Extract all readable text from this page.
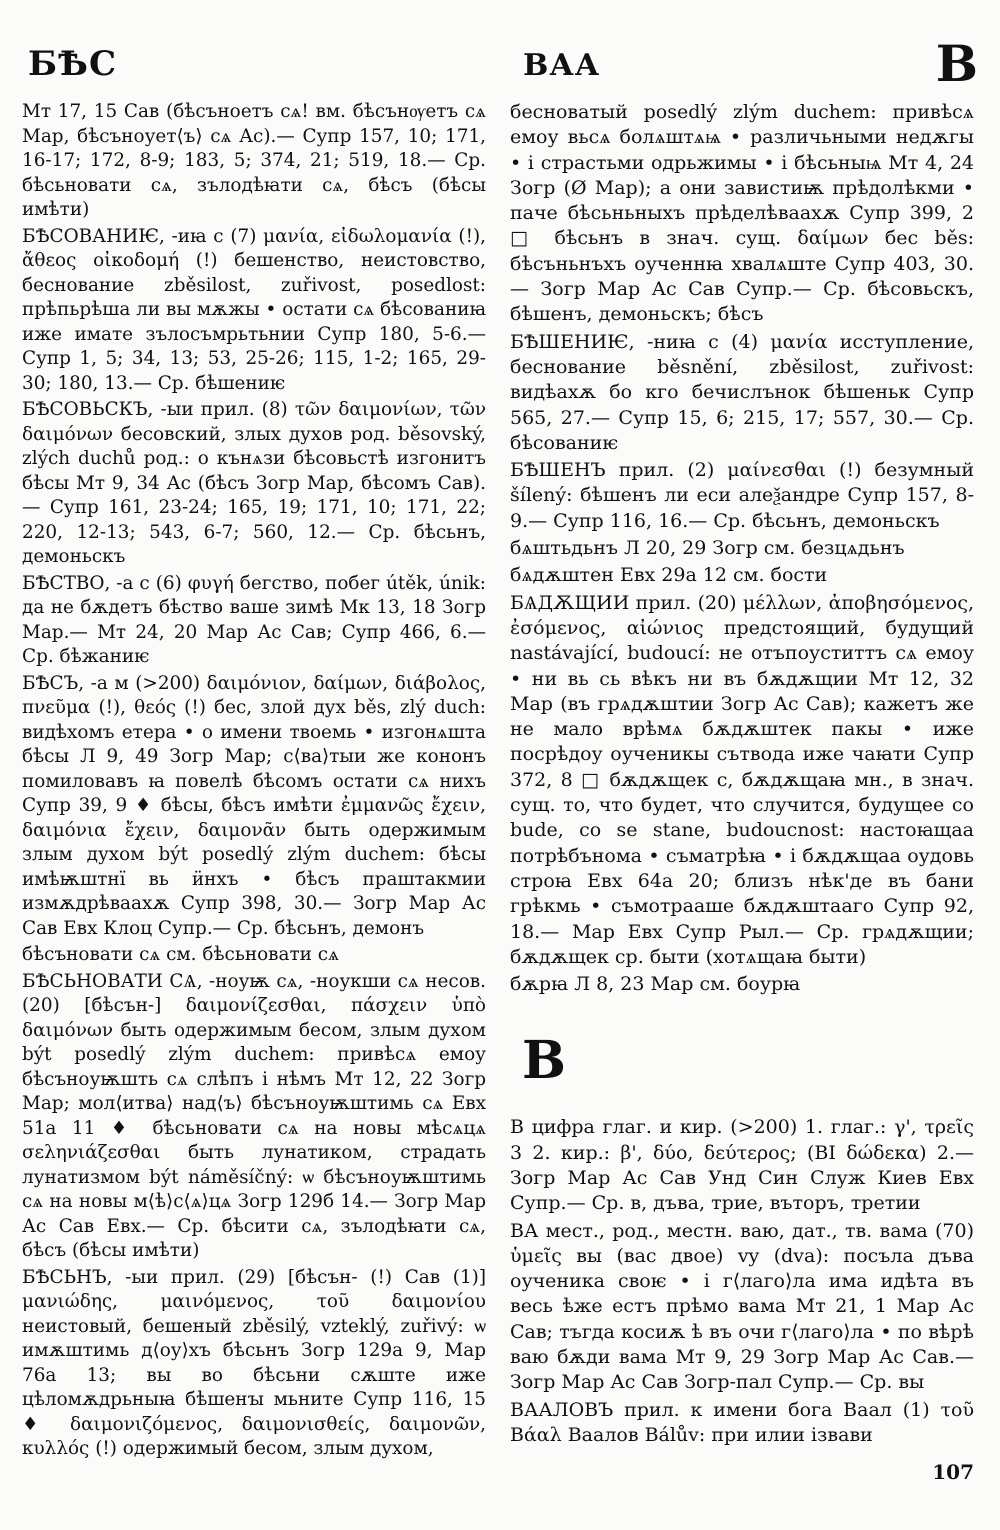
БѢС	ВАА	В

Мт 17, 15 Сав (бѣсъноетъ сѧ! вм. бѣсънѹетъ сѧ Мар, бѣсъноует⟨ъ⟩ сѧ Ас).— Супр 157, 10; 171, 16-17; 172, 8-9; 183, 5; 374, 21; 519, 18.— Ср. бѣсьновати сѧ, зълодѣꙗти сѧ, бѣсъ (бѣсы имѣти)

БѢСОВАНИѤ, -иꙗ с (7) μανία, εἰδωλομανία (!), ἄθεος οἰκοδομή (!) бешенство, неистовство, беснование zběsilost, zuřivost, posedlost: прѣпьрѣша ли вы мѫжы • остати сѧ бѣсованиꙗ иже имате зълосъмрьтьнии Супр 180, 5-6.— Супр 1, 5; 34, 13; 53, 25-26; 115, 1-2; 165, 29-30; 180, 13.— Ср. бѣшениѥ

БѢСОВЬСКЪ, -ыи прил. (8) τῶν δαιμονίων, τῶν δαιμόνων бесовский, злых духов род. běsovský, zlých duchů род.: о кънѧзи бѣсовьстѣ изгонитъ бѣсы Мт 9, 34 Ас (бѣсъ Зогр Мар, бѣсомъ Сав).— Супр 161, 23-24; 165, 19; 171, 10; 171, 22; 220, 12-13; 543, 6-7; 560, 12.— Ср. бѣсьнъ, демоньскъ

БѢСТВО, -а с (6) φυγή бегство, побег útěk, únik: да не бѫдетъ бѣство ваше зимѣ Мк 13, 18 Зогр Мар.— Мт 24, 20 Мар Ас Сав; Супр 466, 6.— Ср. бѣжаниѥ

БѢСЪ, -а м (>200) δαιμόνιον, δαίμων, διάβολος, πνεῦμα (!), θεός (!) бес, злой дух běs, zlý duch: видѣхомъ етера • о имени твоемь • изгонѧшта бѣсы Л 9, 49 Зогр Мар; с⟨ва⟩тыи же кононъ помиловавъ ꙗ повелѣ бѣсомъ остати сѧ нихъ Супр 39, 9 ♦ бѣсы, бѣсъ имѣти ἐμμανῶς ἔχειν, δαιμόνια ἔχειν, δαιμονᾶν быть одержимым злым духом být posedlý zlým duchem: бѣсы имѣѭштнї вь ӥнхъ • бѣсъ праштакмии измѫдрѣваахѫ Супр 398, 30.— Зогр Мар Ас Сав Евх Клоц Супр.— Ср. бѣсьнъ, демонъ

бѣсъновати сѧ см. бѣсьновати сѧ

БѢСЬНОВАТИ СѦ, -ноуѭ сѧ, -ноукши сѧ несов. (20) [бѣсън-] δαιμονίζεσθαι, πάσχειν ὑπὸ δαιμόνων быть одержимым бесом, злым духом být posedlý zlým duchem: привѣсѧ емоу бѣсъноуѭшть сѧ слѣпъ і нѣмъ Мт 12, 22 Зогр Мар; мол⟨итва⟩ над⟨ъ⟩ бѣсъноуѭштимь сѧ Евх 51а 11 ♦ бѣсьновати сѧ на новы мѣсѧцѧ σεληνιάζεσθαι быть лунатиком, страдать лунатизмом být náměsíčný: ѡ бѣсъноуѭштимь сѧ на новы м⟨ѣ⟩с⟨ѧ⟩цѧ Зогр 129б 14.— Зогр Мар Ас Сав Евх.— Ср. бѣсити сѧ, зълодѣꙗти сѧ, бѣсъ (бѣсы имѣти)

БѢСЬНЪ, -ыи прил. (29) [бѣсън- (!) Сав (1)] μανιώδης, μαινόμενος, τοῦ δαιμονίου неистовый, бешеный zběsilý, vzteklý, zuřivý: ѡ имѫштимь д⟨оу⟩хъ бѣсьнъ Зогр 129а 9, Мар 76а 13; вы во бѣсьни сѫште иже цѣломѫдрьныꙗ бѣшенꙑ мьните Супр 116, 15 ♦ δαιμονιζόμενος, δαιμονισθείς, δαιμονῶν, κυλλός (!) одержимый бесом, злым духом,

бесноватый posedlý zlým duchem: привѣсѧ емоу вьсѧ болѧштѧѩ • различьными недѫгы • і страстьми одрьжимы • і бѣсьныѩ Мт 4, 24 Зогр (Ø Мар); а они завистиѭ прѣдолѣкми • паче бѣсьньныхъ прѣделѣваахѫ Супр 399, 2 □ бѣсьнъ в знач. сущ. δαίμων бес běs: бѣсъньнъхъ оученнꙗ хвалѧште Супр 403, 30.— Зогр Мар Ас Сав Супр.— Ср. бѣсовьскъ, бѣшенъ, демоньскъ; бѣсъ

БѢШЕНИѤ, -ниꙗ с (4) μανία исступление, беснование běsnění, zběsilost, zuřivost: видѣахѫ бо кго бечислънок бѣшеньк Супр 565, 27.— Супр 15, 6; 215, 17; 557, 30.— Ср. бѣсованиѥ

БѢШЕНЪ прил. (2) μαίνεσθαι (!) безумный šílený: бѣшенъ ли еси алеѯандре Супр 157, 8-9.— Супр 116, 16.— Ср. бѣсьнъ, демоньскъ

бѧштьдьнъ Л 20, 29 Зогр см. безцѧдьнъ

бѧдѫштен Евх 29а 12 см. бости

БѦДѪЩИИ прил. (20) μέλλων, ἀποβησόμενος, ἐσόμενος, αἰώνιος предстоящий, будущий nastávající, budoucí: не отъпоуститтъ сѧ емоу • ни вь сь вѣкъ ни въ бѫдѫщии Мт 12, 32 Мар (въ грѧдѫштии Зогр Ас Сав); кажетъ же не мало врѣмѧ бѫдѫштек пакы • иже посрѣдоу оученикы сътвода иже чаꙗти Супр 372, 8 □ бѫдѫщек с, бѫдѫщаꙗ мн., в знач. сущ. то, что будет, что случится, будущее co bude, co se stane, budoucnost: настоꙗщаа потрѣбънома • съматрѣꙗ • і бѫдѫщаа оудовь строꙗ Евх 64а 20; близъ нѣк'де въ бани грѣкмь • съмотрааше бѫдѫштааго Супр 92, 18.— Мар Евх Супр Рыл.— Ср. грѧдѫщии; бѫдѫщек ср. быти (хотѧщаꙗ быти)

бѫрꙗ Л 8, 23 Мар см. боурꙗ

В

В цифра глаг. и кир. (>200) 1. глаг.: γ', τρεῖς 3 2. кир.: β', δύο, δεύτερος; (ВІ δώδεκα) 2.— Зогр Мар Ас Сав Унд Син Служ Киев Евх Супр.— Ср. в, дъва, трие, въторъ, третии

ВА мест., род., местн. ваю, дат., тв. вама (70) ὑμεῖς вы (вас двое) vy (dva): посъла дъва оученика своѥ • і г⟨лаго⟩ла има идѣта въ весь ѣже естъ прѣмо вама Мт 21, 1 Мар Ас Сав; тъгда косиѫ ѣ въ очи г⟨лаго⟩ла • по вѣрѣ ваю бѫди вама Мт 9, 29 Зогр Мар Ас Сав.— Зогр Мар Ас Сав Зогр-пал Супр.— Ср. вы

ВААЛОВЪ прил. к имени бога Ваал (1) τοῦ Βάαλ Ваалов Bálův: при илии ізвави

107
